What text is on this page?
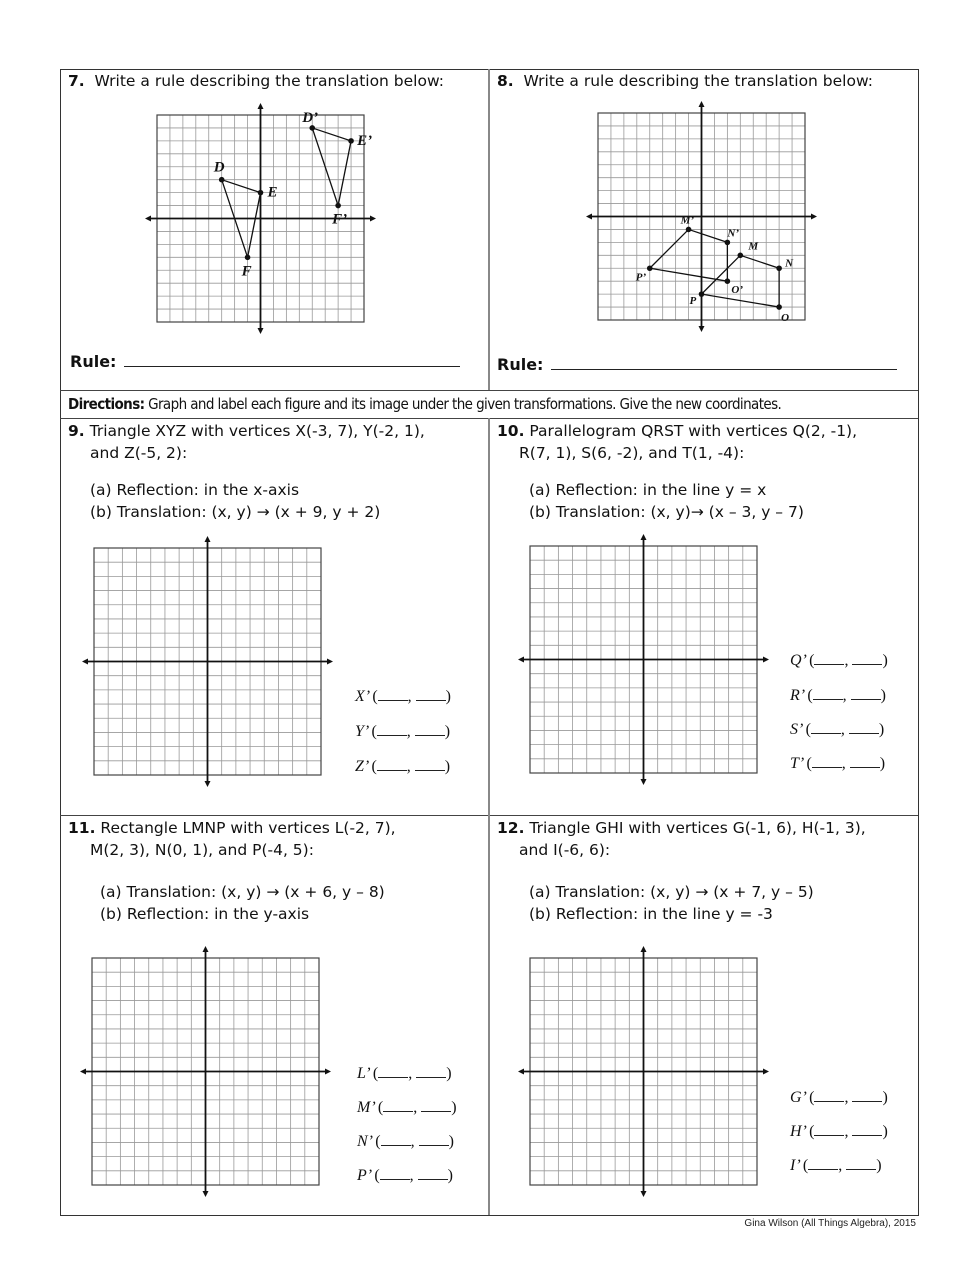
7. Write a rule describing the translation below:
Rule:
8. Write a rule describing the translation below:
Rule:
Directions: Graph and label each figure and its image under the given transformations. Give the new coordinates.
9. Triangle XYZ with vertices X(-3, 7), Y(-2, 1),
and Z(-5, 2):
(a) Reflection: in the x-axis
(b) Translation: (x, y) → (x + 9, y + 2)
10. Parallelogram QRST with vertices Q(2, -1),
R(7, 1), S(6, -2), and T(1, -4):
(a) Reflection: in the line y = x
(b) Translation: (x, y)→ (x – 3, y – 7)
11. Rectangle LMNP with vertices L(-2, 7),
M(2, 3), N(0, 1), and P(-4, 5):
(a) Translation: (x, y) → (x + 6, y – 8)
(b) Reflection: in the y-axis
12. Triangle GHI with vertices G(-1, 6), H(-1, 3),
and I(-6, 6):
(a) Translation: (x, y) → (x + 7, y – 5)
(b) Reflection: in the line y = -3
D
E
F
D’
E’
F’
M
N
O
P
M’
N’
O’
P’
X’ ( , )
Y’ ( , )
Z’ ( , )
Q’ ( , )
R’ ( , )
S’ ( , )
T’ ( , )
L’ ( , )
M’ ( , )
N’ ( , )
P’ ( , )
G’ ( , )
H’ ( , )
I’ ( , )
Gina Wilson (All Things Algebra), 2015
